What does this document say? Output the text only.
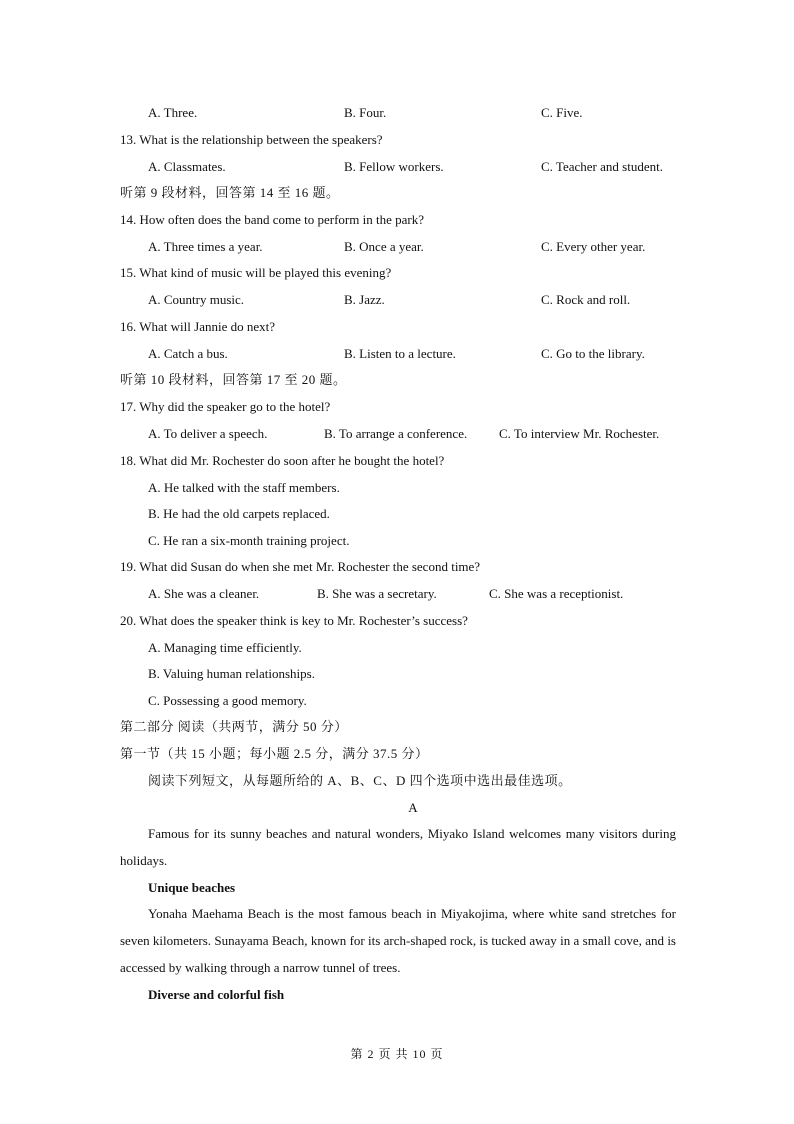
A. Three.	B. Four.	C. Five.
13. What is the relationship between the speakers?
A. Classmates.	B. Fellow workers.	C. Teacher and student.
听第 9 段材料，回答第 14 至 16 题。
14. How often does the band come to perform in the park?
A. Three times a year.	B. Once a year.	C. Every other year.
15. What kind of music will be played this evening?
A. Country music.	B. Jazz.	C. Rock and roll.
16. What will Jannie do next?
A. Catch a bus.	B. Listen to a lecture.	C. Go to the library.
听第 10 段材料，回答第 17 至 20 题。
17. Why did the speaker go to the hotel?
A. To deliver a speech.	B. To arrange a conference. C. To interview Mr. Rochester.
18. What did Mr. Rochester do soon after he bought the hotel?
A. He talked with the staff members.
B. He had the old carpets replaced.
C. He ran a six-month training project.
19. What did Susan do when she met Mr. Rochester the second time?
A. She was a cleaner.	B. She was a secretary.	C. She was a receptionist.
20. What does the speaker think is key to Mr. Rochester’s success?
A. Managing time efficiently.
B. Valuing human relationships.
C. Possessing a good memory.
第二部分 阅读（共两节，满分 50 分）
第一节（共 15 小题；每小题 2.5 分，满分 37.5 分）
阅读下列短文，从每题所给的 A、B、C、D 四个选项中选出最佳选项。
A
Famous for its sunny beaches and natural wonders, Miyako Island welcomes many visitors during holidays.
Unique beaches
Yonaha Maehama Beach is the most famous beach in Miyakojima, where white sand stretches for seven kilometers. Sunayama Beach, known for its arch-shaped rock, is tucked away in a small cove, and is accessed by walking through a narrow tunnel of trees.
Diverse and colorful fish
第 2 页 共 10 页
